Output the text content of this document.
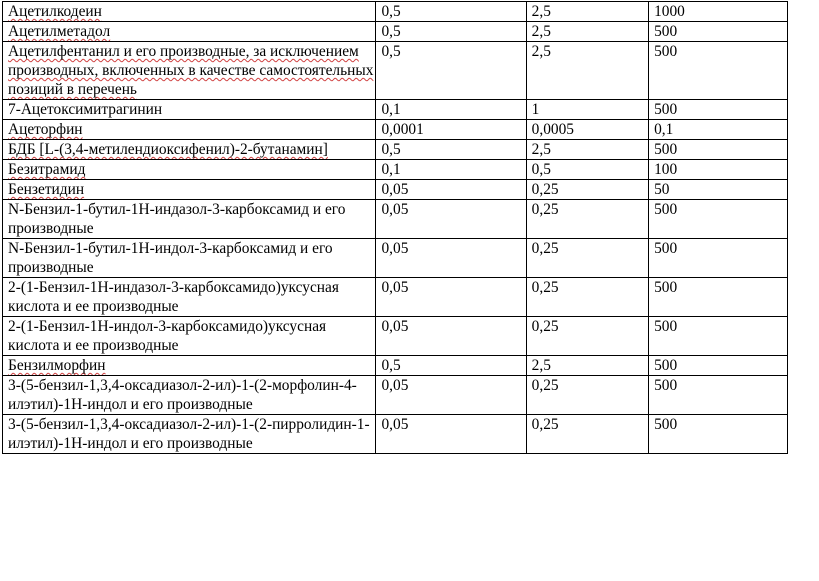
Ацетилкодеин	0,5	2,5	1000
Ацетилметадол	0,5	2,5	500
Ацетилфентанил и его производные, за исключением производных, включенных в качестве самостоятельных позиций в перечень	0,5	2,5	500
7-Ацетоксимитрагинин	0,1	1	500
Ацеторфин	0,0001	0,0005	0,1
БДБ [L-(3,4-метилендиоксифенил)-2-бутанамин]	0,5	2,5	500
Безитрамид	0,1	0,5	100
Бензетидин	0,05	0,25	50
N-Бензил-1-бутил-1Н-индазол-3-карбоксамид и его производные	0,05	0,25	500
N-Бензил-1-бутил-1Н-индол-3-карбоксамид и его производные	0,05	0,25	500
2-(1-Бензил-1Н-индазол-3-карбоксамидо)уксусная кислота и ее производные	0,05	0,25	500
2-(1-Бензил-1Н-индол-3-карбоксамидо)уксусная кислота и ее производные	0,05	0,25	500
Бензилморфин	0,5	2,5	500
3-(5-бензил-1,3,4-оксадиазол-2-ил)-1-(2-морфолин-4-илэтил)-1Н-индол и его производные	0,05	0,25	500
3-(5-бензил-1,3,4-оксадиазол-2-ил)-1-(2-пирролидин-1-илэтил)-1Н-индол и его производные	0,05	0,25	500
